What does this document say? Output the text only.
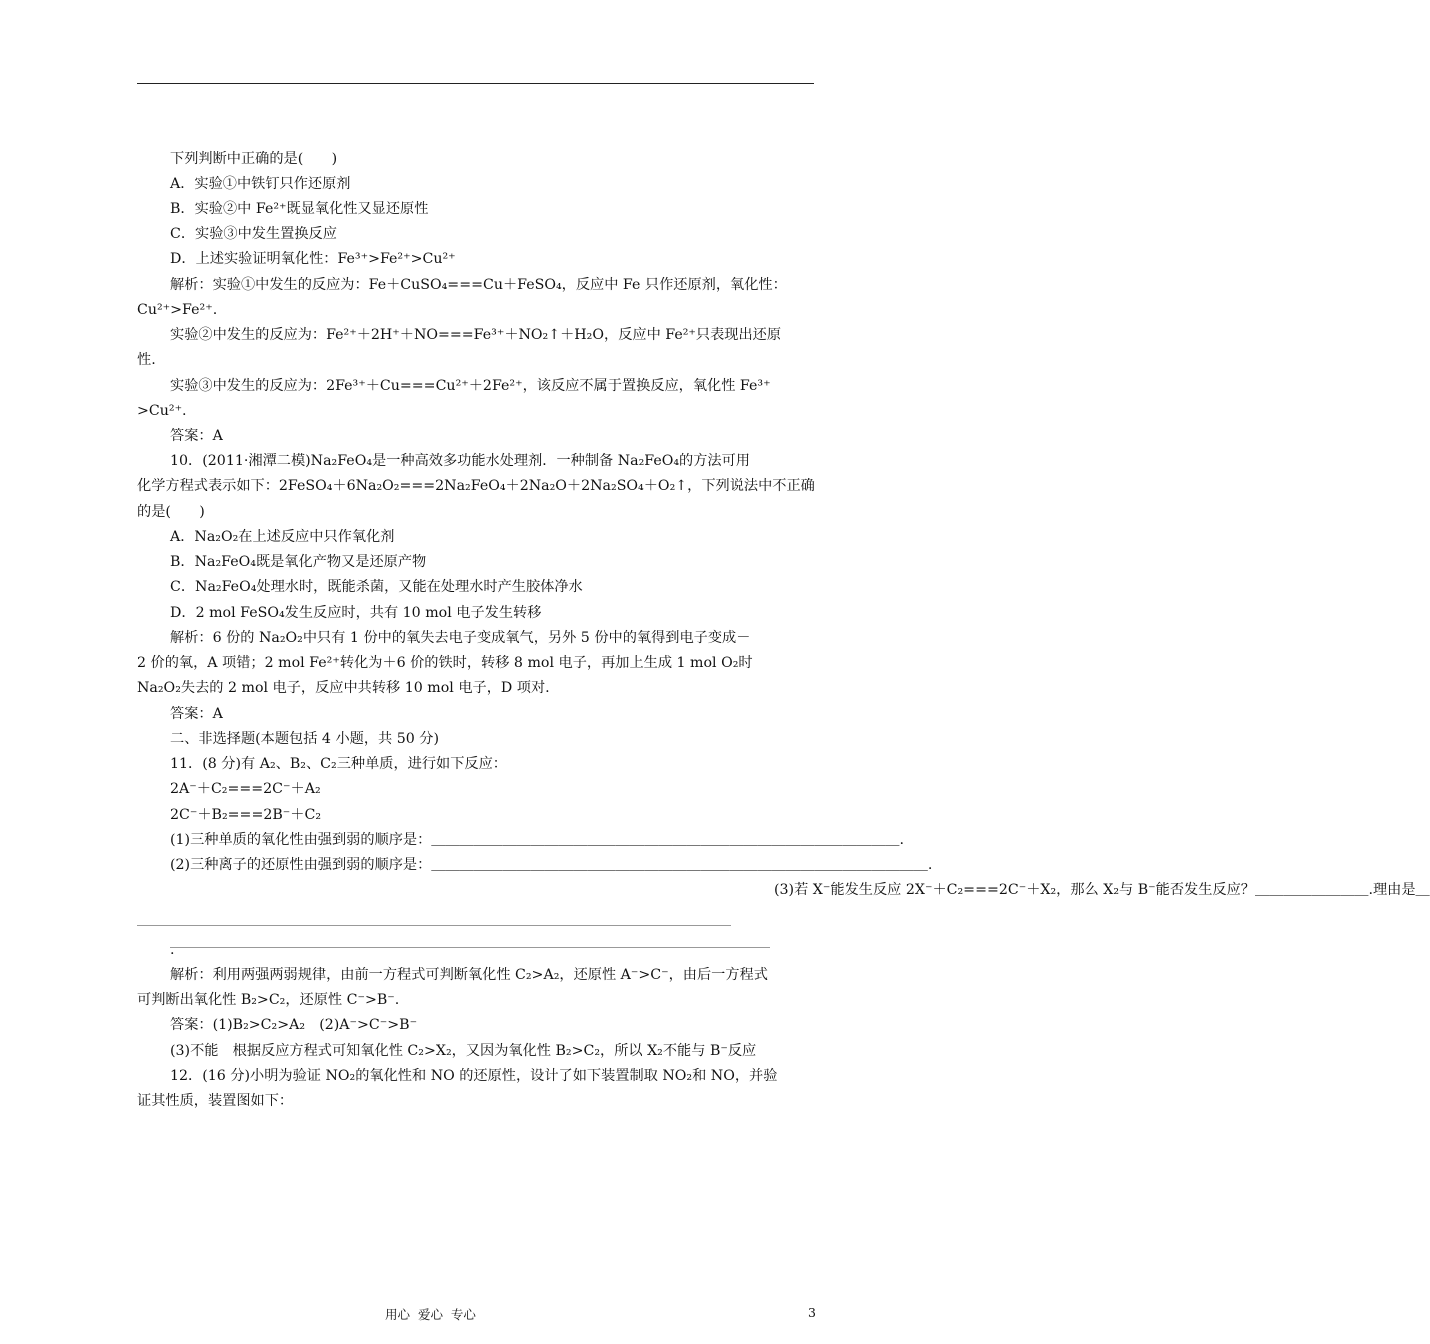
下列判断中正确的是(　　)
A．实验①中铁钉只作还原剂
B．实验②中 Fe²⁺既显氧化性又显还原性
C．实验③中发生置换反应
D．上述实验证明氧化性：Fe³⁺>Fe²⁺>Cu²⁺
解析：实验①中发生的反应为：Fe＋CuSO₄===Cu＋FeSO₄，反应中 Fe 只作还原剂，氧化性：
Cu²⁺>Fe²⁺.
实验②中发生的反应为：Fe²⁺＋2H⁺＋NO===Fe³⁺＋NO₂↑＋H₂O，反应中 Fe²⁺只表现出还原
性.
实验③中发生的反应为：2Fe³⁺＋Cu===Cu²⁺＋2Fe²⁺，该反应不属于置换反应，氧化性 Fe³⁺
>Cu²⁺.
答案：A
10．(2011·湘潭二模)Na₂FeO₄是一种高效多功能水处理剂．一种制备 Na₂FeO₄的方法可用
化学方程式表示如下：2FeSO₄＋6Na₂O₂===2Na₂FeO₄＋2Na₂O＋2Na₂SO₄＋O₂↑，下列说法中不正确
的是(　　)
A．Na₂O₂在上述反应中只作氧化剂
B．Na₂FeO₄既是氧化产物又是还原产物
C．Na₂FeO₄处理水时，既能杀菌，又能在处理水时产生胶体净水
D．2 mol FeSO₄发生反应时，共有 10 mol 电子发生转移
解析：6 份的 Na₂O₂中只有 1 份中的氧失去电子变成氧气，另外 5 份中的氧得到电子变成－
2 价的氧，A 项错；2 mol Fe²⁺转化为＋6 价的铁时，转移 8 mol 电子，再加上生成 1 mol O₂时
Na₂O₂失去的 2 mol 电子，反应中共转移 10 mol 电子，D 项对.
答案：A
二、非选择题(本题包括 4 小题，共 50 分)
11．(8 分)有 A₂、B₂、C₂三种单质，进行如下反应：
2A⁻＋C₂===2C⁻＋A₂
2C⁻＋B₂===2B⁻＋C₂
(1)三种单质的氧化性由强到弱的顺序是：＿＿＿＿＿＿＿＿＿＿＿＿＿＿＿＿＿＿＿＿＿＿＿＿＿＿＿＿＿＿＿＿＿.
(2)三种离子的还原性由强到弱的顺序是：＿＿＿＿＿＿＿＿＿＿＿＿＿＿＿＿＿＿＿＿＿＿＿＿＿＿＿＿＿＿＿＿＿＿＿.
(3)若 X⁻能发生反应 2X⁻＋C₂===2C⁻＋X₂，那么 X₂与 B⁻能否发生反应？＿＿＿＿＿＿＿＿.理由是＿
.
解析：利用两强两弱规律，由前一方程式可判断氧化性 C₂>A₂，还原性 A⁻>C⁻，由后一方程式
可判断出氧化性 B₂>C₂，还原性 C⁻>B⁻.
答案：(1)B₂>C₂>A₂　(2)A⁻>C⁻>B⁻
(3)不能　根据反应方程式可知氧化性 C₂>X₂，又因为氧化性 B₂>C₂，所以 X₂不能与 B⁻反应
12．(16 分)小明为验证 NO₂的氧化性和 NO 的还原性，设计了如下装置制取 NO₂和 NO，并验
证其性质，装置图如下：
用心  爱心  专心	3
